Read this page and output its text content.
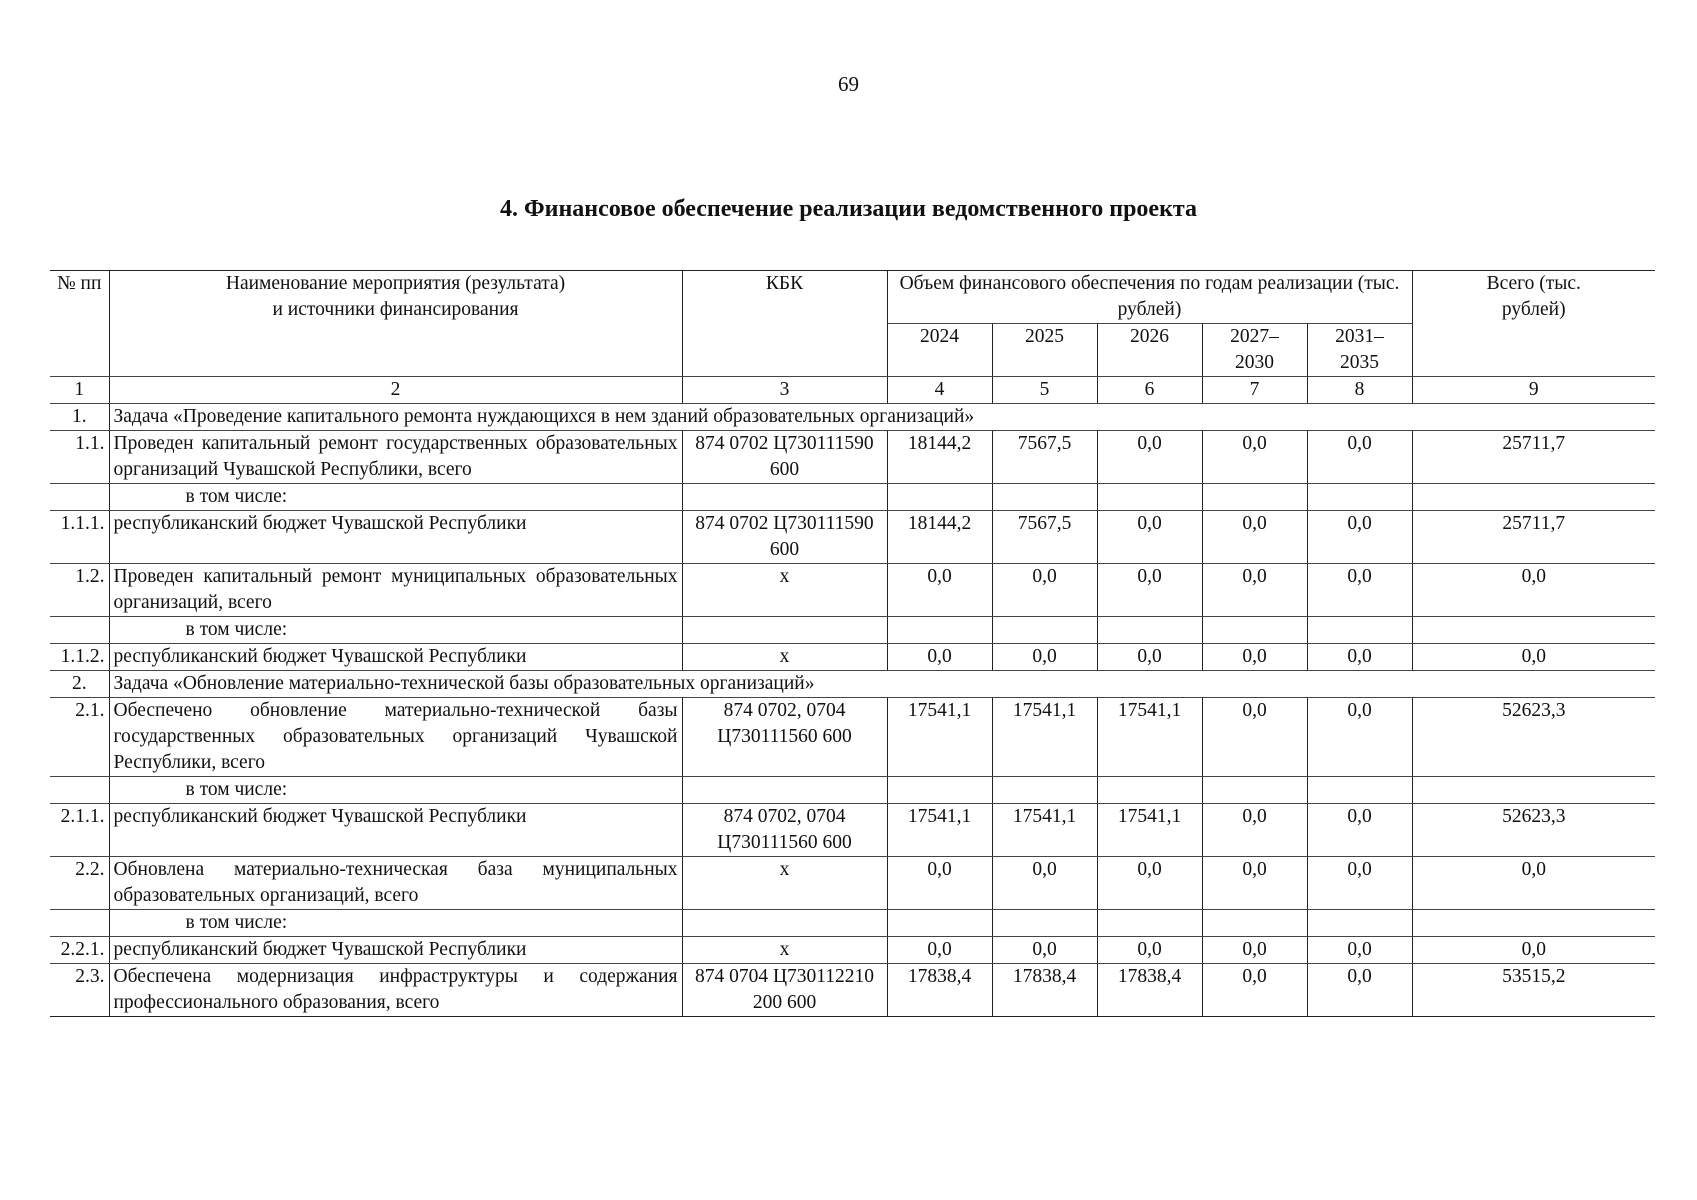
69
4. Финансовое обеспечение реализации ведомственного проекта
№ пп	Наименование мероприятия (результата) и источники финансирования	КБК	Объем финансового обеспечения по годам реализации (тыс. рублей)					Всего (тыс. рублей)
			2024	2025	2026	2027–2030	2031–2035	
1	2	3	4	5	6	7	8	9
1.	Задача «Проведение капитального ремонта нуждающихся в нем зданий образовательных организаций»							
1.1.	Проведен капитальный ремонт государственных образовательных организаций Чувашской Республики, всего	874 0702 Ц730111590 600	18144,2	7567,5	0,0	0,0	0,0	25711,7
	в том числе:							
1.1.1.	республиканский бюджет Чувашской Республики	874 0702 Ц730111590 600	18144,2	7567,5	0,0	0,0	0,0	25711,7
1.2.	Проведен капитальный ремонт муниципальных образовательных организаций, всего	х	0,0	0,0	0,0	0,0	0,0	0,0
	в том числе:							
1.1.2.	республиканский бюджет Чувашской Республики	х	0,0	0,0	0,0	0,0	0,0	0,0
2.	Задача «Обновление материально-технической базы образовательных организаций»							
2.1.	Обеспечено обновление материально-технической базы государственных образовательных организаций Чувашской Республики, всего	874 0702, 0704 Ц730111560 600	17541,1	17541,1	17541,1	0,0	0,0	52623,3
	в том числе:							
2.1.1.	республиканский бюджет Чувашской Республики	874 0702, 0704 Ц730111560 600	17541,1	17541,1	17541,1	0,0	0,0	52623,3
2.2.	Обновлена материально-техническая база муниципальных образовательных организаций, всего	х	0,0	0,0	0,0	0,0	0,0	0,0
	в том числе:							
2.2.1.	республиканский бюджет Чувашской Республики	х	0,0	0,0	0,0	0,0	0,0	0,0
2.3.	Обеспечена модернизация инфраструктуры и содержания профессионального образования, всего	874 0704 Ц730112210 200 600	17838,4	17838,4	17838,4	0,0	0,0	53515,2
